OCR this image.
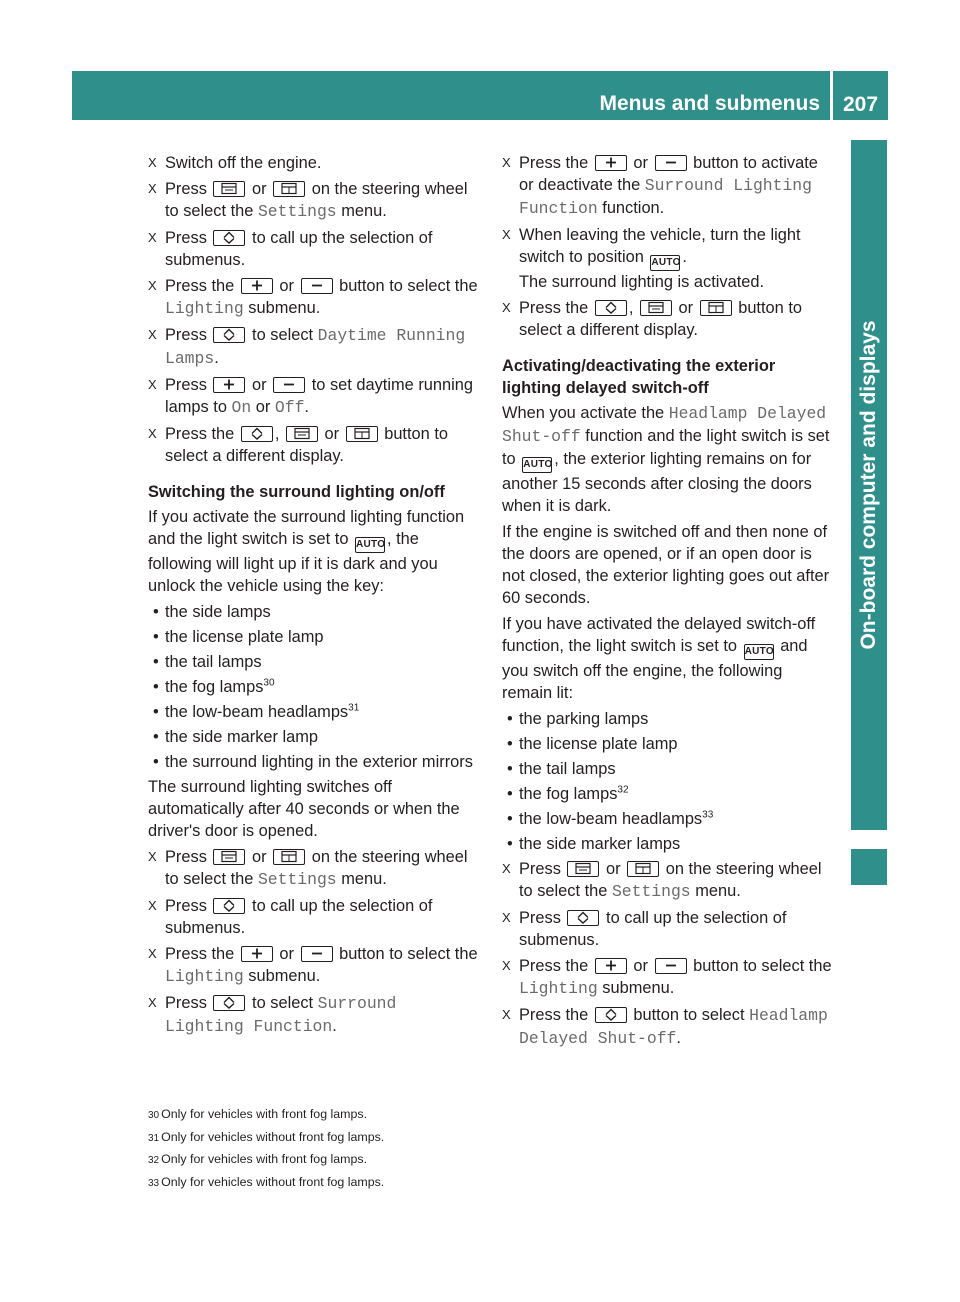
Menus and submenus	207
On-board computer and displays
X Switch off the engine.
X Press	or	on the steering wheel to select the Settings menu.
X Press	to call up the selection of submenus.
X Press the	or	button to select the Lighting submenu.
X Press	to select Daytime Running Lamps.
X Press	or	to set daytime running lamps to On or Off.
X Press the ,	or	button to select a different display.
Switching the surround lighting on/off
If you activate the surround lighting function and the light switch is set to AUTO , the following will light up if it is dark and you unlock the vehicle using the key:
• the side lamps
• the license plate lamp
• the tail lamps
• the fog lamps$^{30}$
• the low-beam headlamps$^{31}$
• the side marker lamp
• the surround lighting in the exterior mirrors
The surround lighting switches off automatically after 40 seconds or when the driver's door is opened.
X Press	or	on the steering wheel to select the Settings menu.
X Press	to call up the selection of submenus.
X Press the	or	button to select the Lighting submenu.
X Press	to select Surround Lighting Function.
X Press the	or	button to activate or deactivate the Surround Lighting Function function.
X When leaving the vehicle, turn the light switch to position AUTO .
The surround lighting is activated.
X Press the ,	or	button to select a different display.
Activating/deactivating the exterior lighting delayed switch-off
When you activate the Headlamp Delayed Shut-off function and the light switch is set to AUTO , the exterior lighting remains on for another 15 seconds after closing the doors when it is dark.
If the engine is switched off and then none of the doors are opened, or if an open door is not closed, the exterior lighting goes out after 60 seconds.
If you have activated the delayed switch-off function, the light switch is set to AUTO and you switch off the engine, the following remain lit:
• the parking lamps
• the license plate lamp
• the tail lamps
• the fog lamps$^{32}$
• the low-beam headlamps$^{33}$
• the side marker lamps
X Press	or	on the steering wheel to select the Settings menu.
X Press	to call up the selection of submenus.
X Press the	or	button to select the Lighting submenu.
X Press the	button to select Headlamp Delayed Shut-off.
30 Only for vehicles with front fog lamps.
31 Only for vehicles without front fog lamps.
32 Only for vehicles with front fog lamps.
33 Only for vehicles without front fog lamps.
